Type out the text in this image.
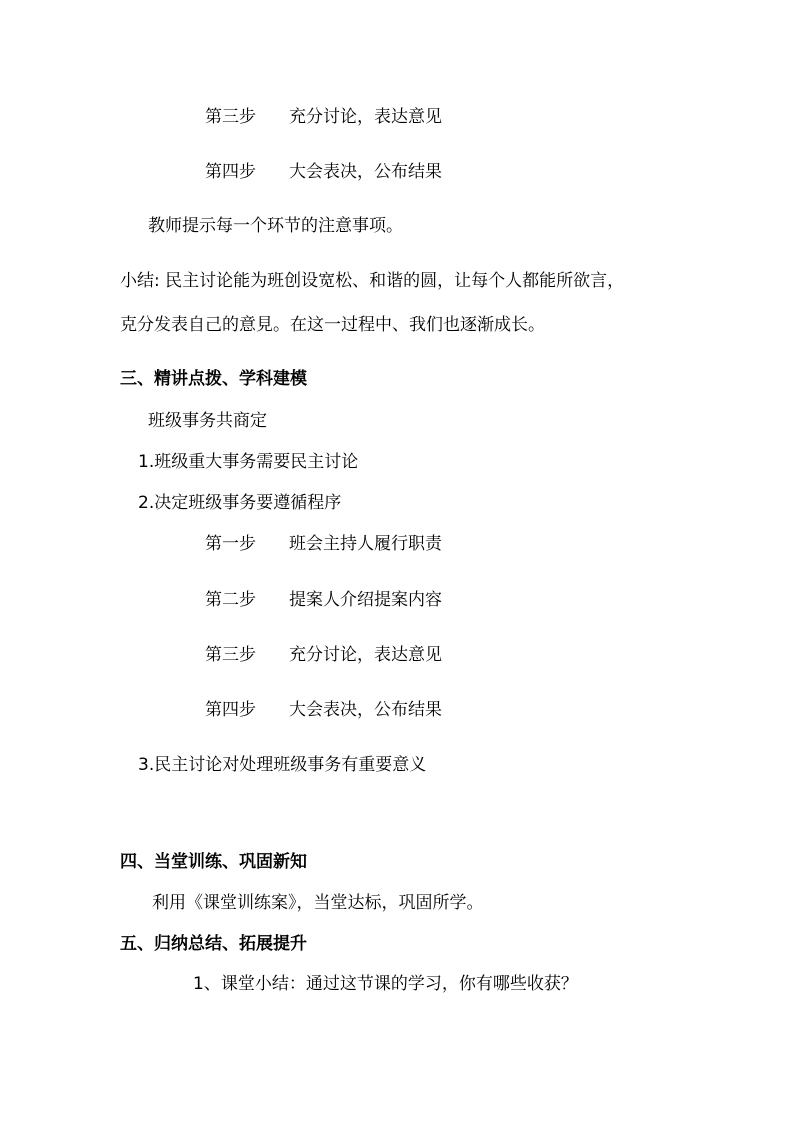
第三步 充分讨论，表达意见
第四步 大会表决，公布结果
教师提示每一个环节的注意事项。
小结: 民主讨论能为班创设宽松、和谐的圆，让每个人都能所欲言，
克分发表自己的意見。在这一过程中、我们也逐渐成长。
三、精讲点拨、学科建模
班级事务共商定
1.班级重大事务需要民主讨论
2.决定班级事务要遵循程序
第一步 班会主持人履行职责
第二步 提案人介绍提案内容
第三步 充分讨论，表达意见
第四步 大会表决，公布结果
3.民主讨论对处理班级事务有重要意义
四、当堂训练、巩固新知
利用《课堂训练案》，当堂达标，巩固所学。
五、归纳总结、拓展提升
1、课堂小结：通过这节课的学习，你有哪些收获？
